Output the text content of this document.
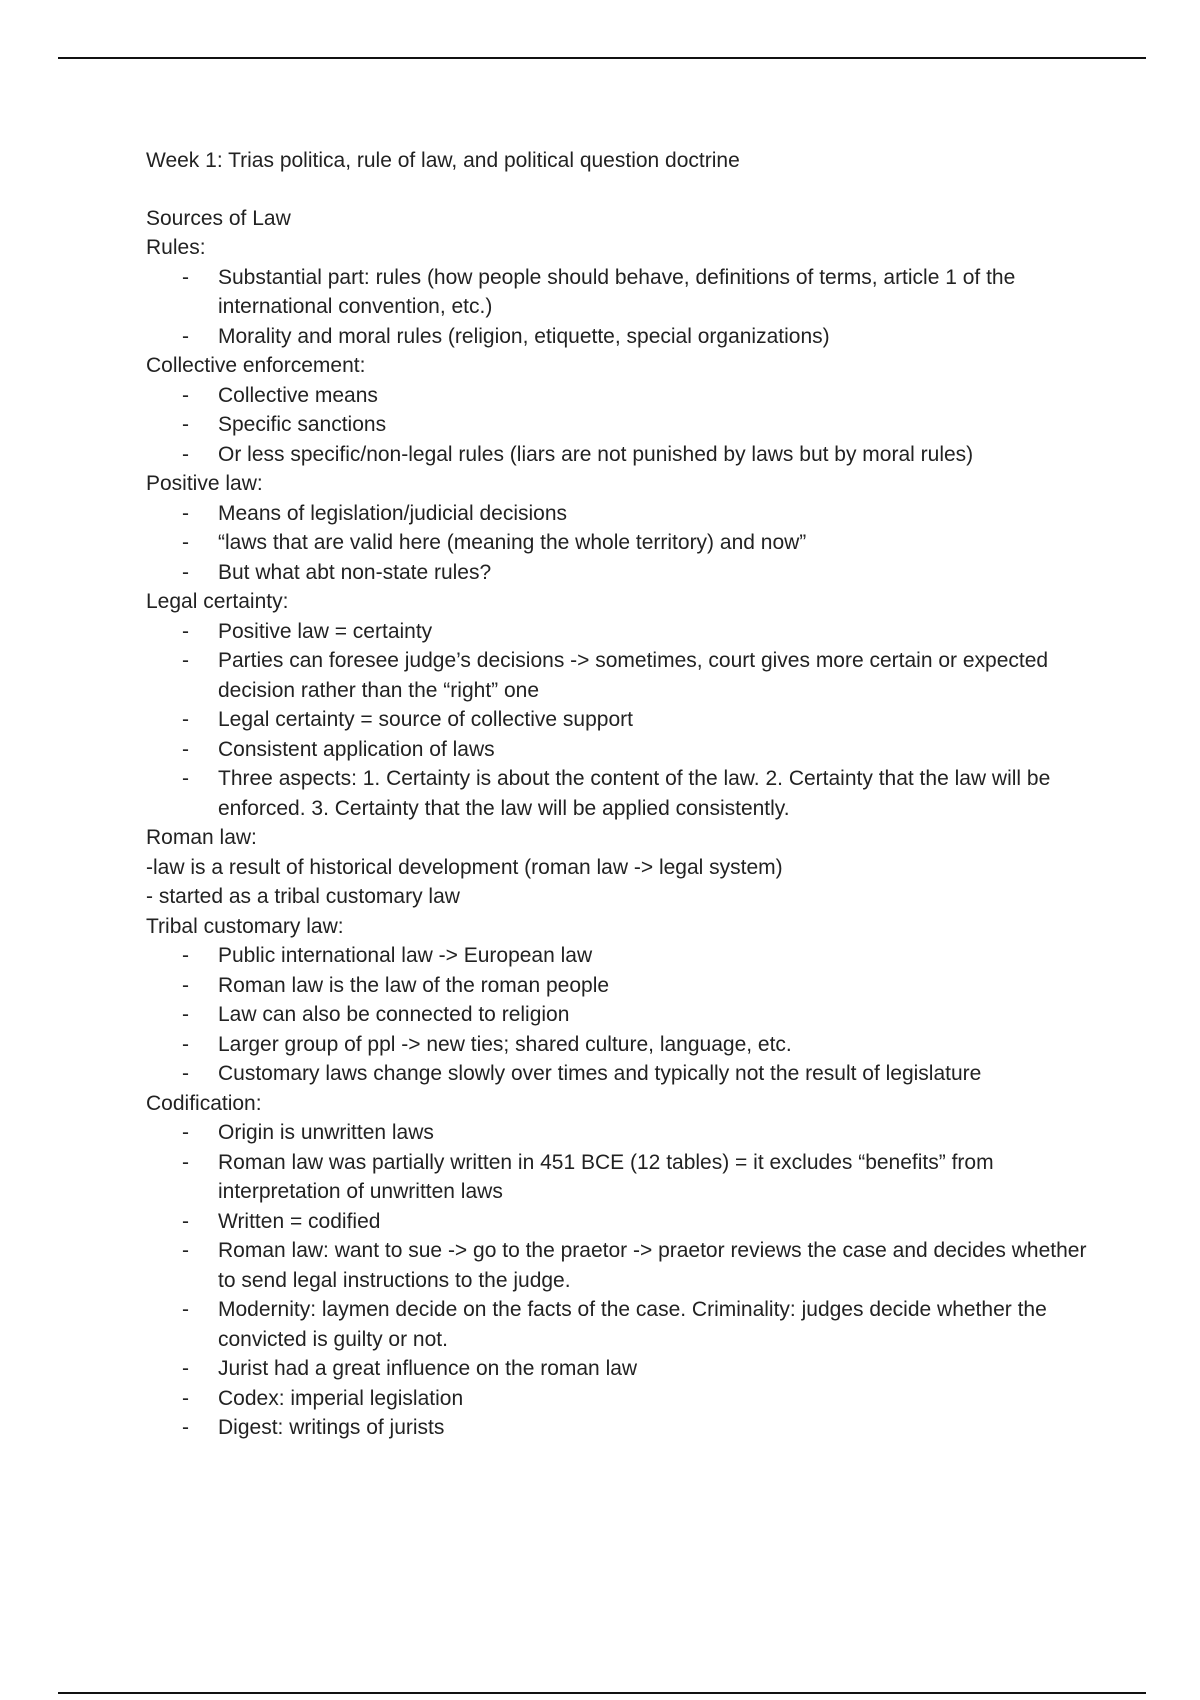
Week 1: Trias politica, rule of law, and political question doctrine
Sources of Law
Rules:
- Substantial part: rules (how people should behave, definitions of terms, article 1 of the international convention, etc.)
- Morality and moral rules (religion, etiquette, special organizations)
Collective enforcement:
- Collective means
- Specific sanctions
- Or less specific/non-legal rules (liars are not punished by laws but by moral rules)
Positive law:
- Means of legislation/judicial decisions
- “laws that are valid here (meaning the whole territory) and now”
- But what abt non-state rules?
Legal certainty:
- Positive law = certainty
- Parties can foresee judge’s decisions -> sometimes, court gives more certain or expected decision rather than the “right” one
- Legal certainty = source of collective support
- Consistent application of laws
- Three aspects: 1. Certainty is about the content of the law. 2. Certainty that the law will be enforced. 3. Certainty that the law will be applied consistently.
Roman law:
-law is a result of historical development (roman law -> legal system)
- started as a tribal customary law
Tribal customary law:
- Public international law -> European law
- Roman law is the law of the roman people
- Law can also be connected to religion
- Larger group of ppl -> new ties; shared culture, language, etc.
- Customary laws change slowly over times and typically not the result of legislature
Codification:
- Origin is unwritten laws
- Roman law was partially written in 451 BCE (12 tables) = it excludes “benefits” from interpretation of unwritten laws
- Written = codified
- Roman law: want to sue -> go to the praetor -> praetor reviews the case and decides whether to send legal instructions to the judge.
- Modernity: laymen decide on the facts of the case. Criminality: judges decide whether the convicted is guilty or not.
- Jurist had a great influence on the roman law
- Codex: imperial legislation
- Digest: writings of jurists
